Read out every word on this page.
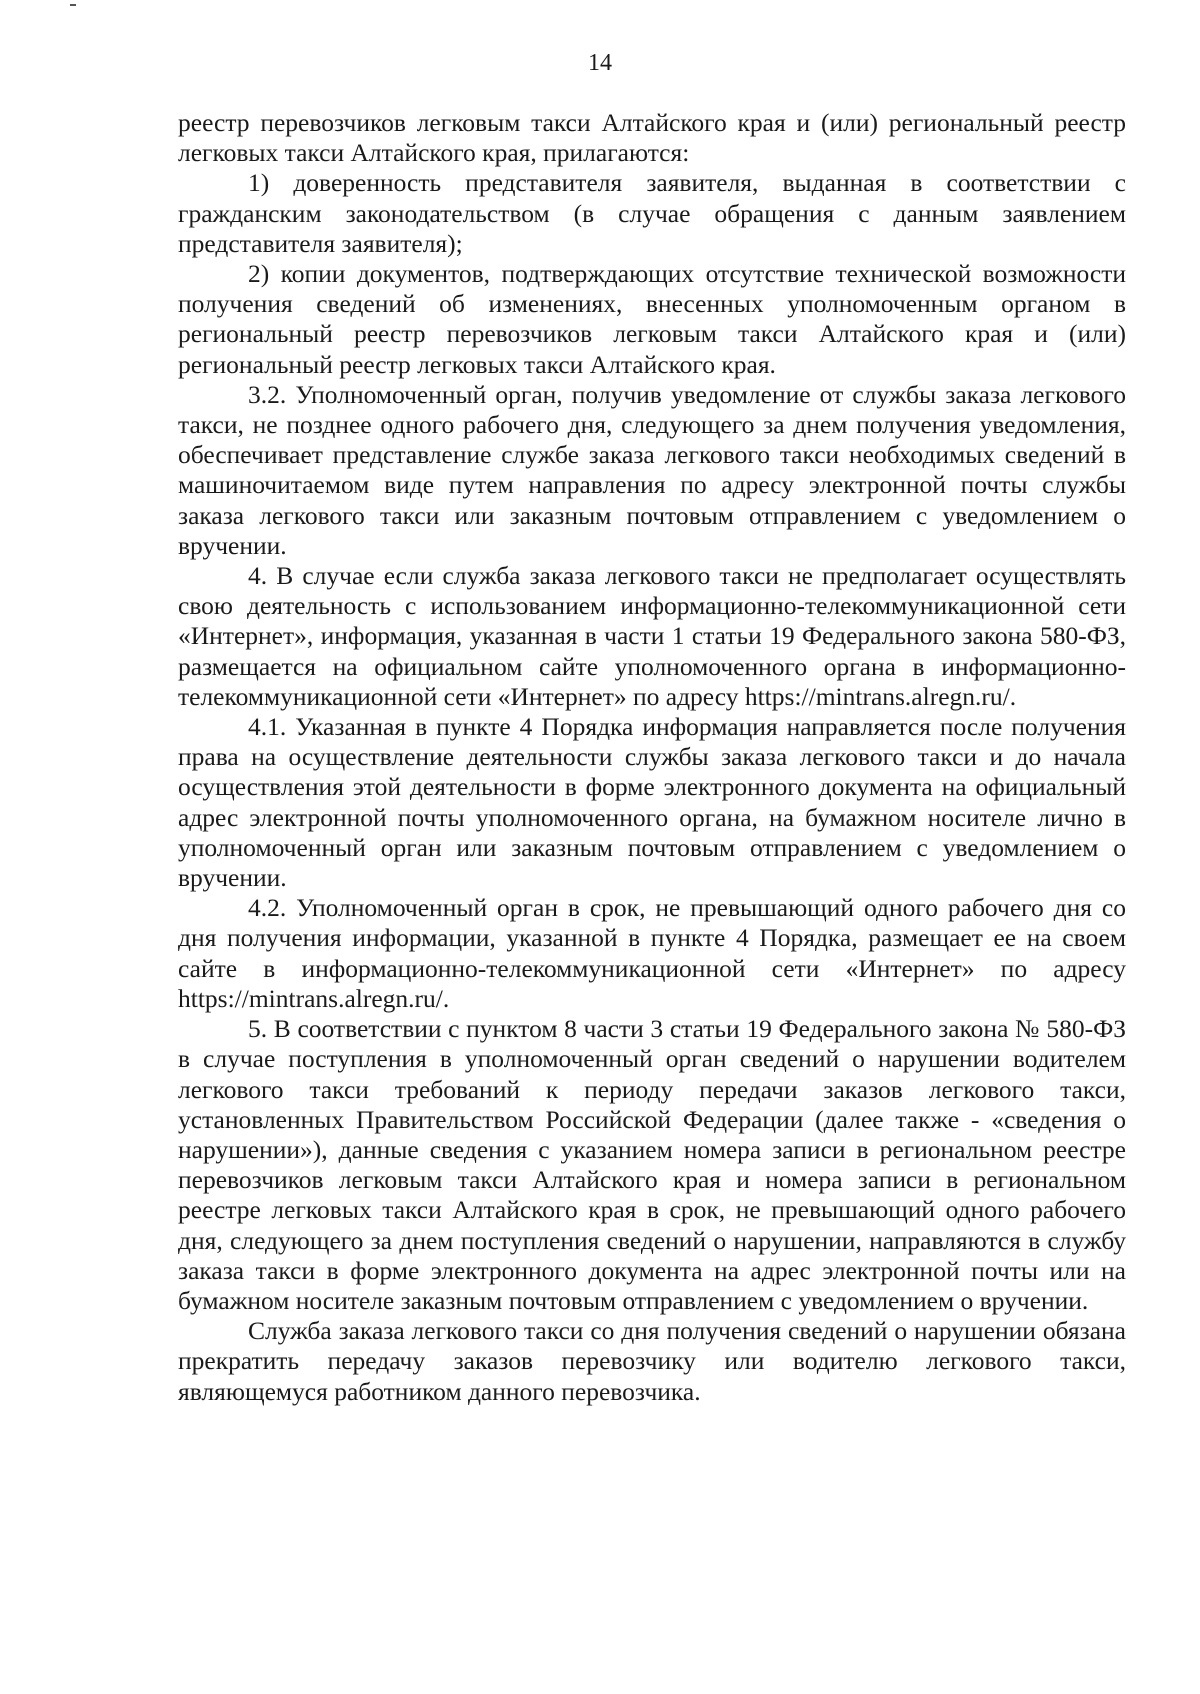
14

реестр перевозчиков легковым такси Алтайского края и (или) региональный реестр легковых такси Алтайского края, прилагаются:

1) доверенность представителя заявителя, выданная в соответствии с гражданским законодательством (в случае обращения с данным заявлением представителя заявителя);

2) копии документов, подтверждающих отсутствие технической возможности получения сведений об изменениях, внесенных уполномоченным органом в региональный реестр перевозчиков легковым такси Алтайского края и (или) региональный реестр легковых такси Алтайского края.

3.2. Уполномоченный орган, получив уведомление от службы заказа легкового такси, не позднее одного рабочего дня, следующего за днем получения уведомления, обеспечивает представление службе заказа легкового такси необходимых сведений в машиночитаемом виде путем направления по адресу электронной почты службы заказа легкового такси или заказным почтовым отправлением с уведомлением о вручении.

4. В случае если служба заказа легкового такси не предполагает осуществлять свою деятельность с использованием информационно-телекоммуникационной сети «Интернет», информация, указанная в части 1 статьи 19 Федерального закона 580-ФЗ, размещается на официальном сайте уполномоченного органа в информационно-телекоммуникационной сети «Интернет» по адресу https://mintrans.alregn.ru/.

4.1. Указанная в пункте 4 Порядка информация направляется после получения права на осуществление деятельности службы заказа легкового такси и до начала осуществления этой деятельности в форме электронного документа на официальный адрес электронной почты уполномоченного органа, на бумажном носителе лично в уполномоченный орган или заказным почтовым отправлением с уведомлением о вручении.

4.2. Уполномоченный орган в срок, не превышающий одного рабочего дня со дня получения информации, указанной в пункте 4 Порядка, размещает ее на своем сайте в информационно-телекоммуникационной сети «Интернет» по адресу https://mintrans.alregn.ru/.

5. В соответствии с пунктом 8 части 3 статьи 19 Федерального закона № 580-ФЗ в случае поступления в уполномоченный орган сведений о нарушении водителем легкового такси требований к периоду передачи заказов легкового такси, установленных Правительством Российской Федерации (далее также - «сведения о нарушении»), данные сведения с указанием номера записи в региональном реестре перевозчиков легковым такси Алтайского края и номера записи в региональном реестре легковых такси Алтайского края в срок, не превышающий одного рабочего дня, следующего за днем поступления сведений о нарушении, направляются в службу заказа такси в форме электронного документа на адрес электронной почты или на бумажном носителе заказным почтовым отправлением с уведомлением о вручении.

Служба заказа легкового такси со дня получения сведений о нарушении обязана прекратить передачу заказов перевозчику или водителю легкового такси, являющемуся работником данного перевозчика.
